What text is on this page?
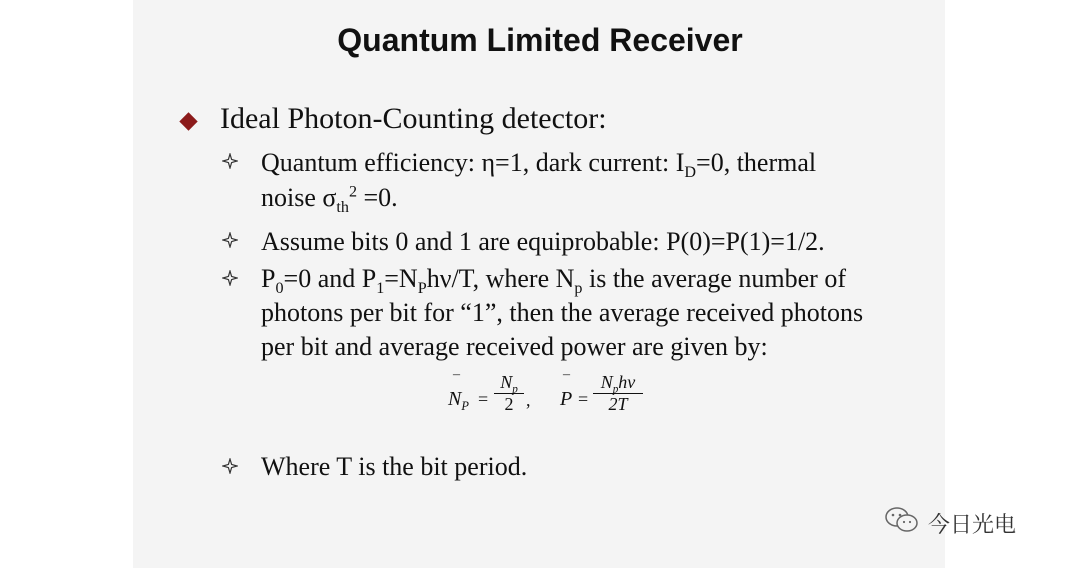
Quantum Limited Receiver
Ideal Photon-Counting detector:
Quantum efficiency: η=1, dark current: $I_D=0$, thermal
noise $\sigma_{th}^2 =0$.
Assume bits 0 and 1 are equiprobable: P(0)=P(1)=1/2.
$P_0=0$ and $P_1=N_Ph\nu/T$, where $N_p$ is the average number of
photons per bit for “1”, then the average received photons
per bit and average received power are given by:
¯
$N_P$ =
$N_p$
2 ,
¯
P =
$N_ph\nu$
2T
Where T is the bit period.
今日光电
